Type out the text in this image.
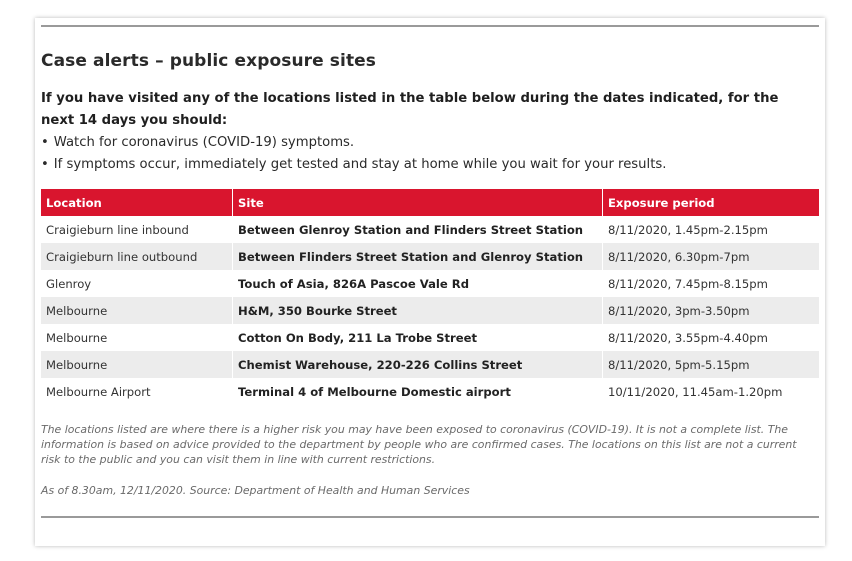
Case alerts – public exposure sites
If you have visited any of the locations listed in the table below during the dates indicated, for the next 14 days you should:
• Watch for coronavirus (COVID-19) symptoms.
• If symptoms occur, immediately get tested and stay at home while you wait for your results.
Location	Site	Exposure period
Craigieburn line inbound	Between Glenroy Station and Flinders Street Station	8/11/2020, 1.45pm-2.15pm
Craigieburn line outbound	Between Flinders Street Station and Glenroy Station	8/11/2020, 6.30pm-7pm
Glenroy	Touch of Asia, 826A Pascoe Vale Rd	8/11/2020, 7.45pm-8.15pm
Melbourne	H&M, 350 Bourke Street	8/11/2020, 3pm-3.50pm
Melbourne	Cotton On Body, 211 La Trobe Street	8/11/2020, 3.55pm-4.40pm
Melbourne	Chemist Warehouse, 220-226 Collins Street	8/11/2020, 5pm-5.15pm
Melbourne Airport	Terminal 4 of Melbourne Domestic airport	10/11/2020, 11.45am-1.20pm
The locations listed are where there is a higher risk you may have been exposed to coronavirus (COVID-19). It is not a complete list. The information is based on advice provided to the department by people who are confirmed cases. The locations on this list are not a current risk to the public and you can visit them in line with current restrictions.
As of 8.30am, 12/11/2020. Source: Department of Health and Human Services
